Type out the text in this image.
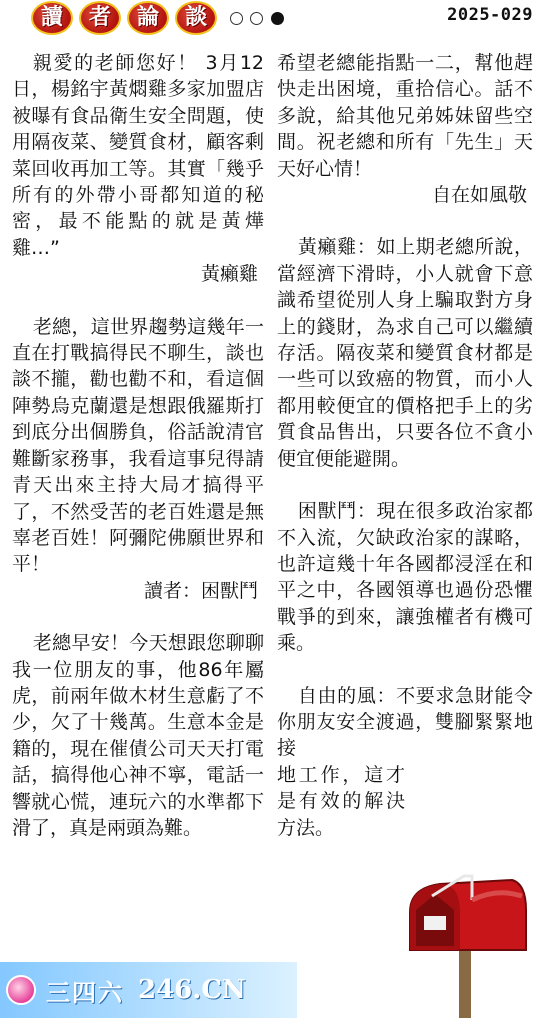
讀	者	論	談	2025-029

親愛的老師您好！ 3月12日，楊銘宇黃燜雞多家加盟店被曝有食品衛生安全問題，使用隔夜菜、變質食材，顧客剩菜回收再加工等。其實「幾乎所有的外帶小哥都知道的秘密，最不能點的就是黃燁雞…”

黃癩雞

老總，這世界趨勢這幾年一直在打戰搞得民不聊生，談也談不攏，勸也勸不和，看這個陣勢烏克蘭還是想跟俄羅斯打到底分出個勝負，俗話說清官難斷家務事，我看這事兒得請青天出來主持大局才搞得平了，不然受苦的老百姓還是無辜老百姓！阿彌陀佛願世界和平！

讀者：困獸鬥

老總早安！今天想跟您聊聊我一位朋友的事，他86年屬虎，前兩年做木材生意虧了不少，欠了十幾萬。生意本金是籍的，現在催債公司天天打電話，搞得他心神不寧，電話一響就心慌，連玩六的水準都下滑了，真是兩頭為難。

希望老總能指點一二，幫他趕快走出困境，重拾信心。話不多說，給其他兄弟姊妹留些空間。祝老總和所有「先生」天天好心情！

自在如風敬

黃癩雞：如上期老總所說，當經濟下滑時，小人就會下意識希望從別人身上騙取對方身上的錢財，為求自己可以繼續存活。隔夜菜和變質食材都是一些可以致癌的物質，而小人都用較便宜的價格把手上的劣質食品售出，只要各位不貪小便宜便能避開。

困獸鬥：現在很多政治家都不入流，欠缺政治家的謀略，也許這幾十年各國都浸淫在和平之中，各國領導也過份恐懼戰爭的到來，讓強權者有機可乘。

自由的風：不要求急財能令你朋友安全渡過，雙腳緊緊地接

地工作，這才是有效的解決方法。

三四六 246.CN
